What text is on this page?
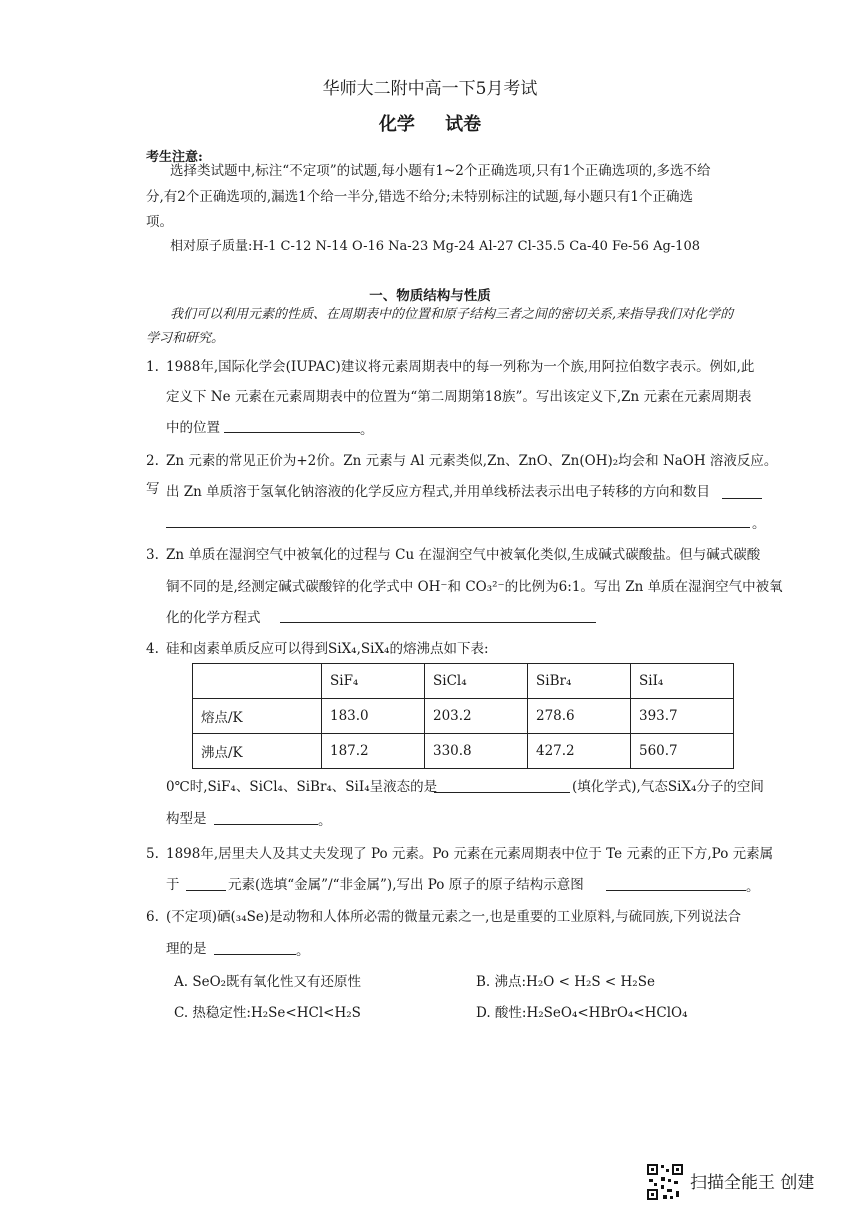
华师大二附中高一下5月考试
化学 试卷
考生注意:
选择类试题中,标注“不定项”的试题,每小题有1~2个正确选项,只有1个正确选项的,多选不给
分,有2个正确选项的,漏选1个给一半分,错选不给分;未特别标注的试题,每小题只有1个正确选
项。
相对原子质量:H-1 C-12 N-14 O-16 Na-23 Mg-24 Al-27 Cl-35.5 Ca-40 Fe-56 Ag-108
一、物质结构与性质
我们可以利用元素的性质、在周期表中的位置和原子结构三者之间的密切关系,来指导我们对化学的
学习和研究。
1. 1988年,国际化学会(IUPAC)建议将元素周期表中的每一列称为一个族,用阿拉伯数字表示。例如,此
定义下 Ne 元素在元素周期表中的位置为“第二周期第18族”。写出该定义下,Zn 元素在元素周期表
中的位置	。
2. Zn 元素的常见正价为+2价。Zn 元素与 Al 元素类似,Zn、ZnO、Zn(OH)₂均会和 NaOH 溶液反应。写 出 Zn 单质溶于氢氧化钠溶液的化学反应方程式,并用单线桥法表示出电子转移的方向和数目
。
3. Zn 单质在湿润空气中被氧化的过程与 Cu 在湿润空气中被氧化类似,生成碱式碳酸盐。但与碱式碳酸
铜不同的是,经测定碱式碳酸锌的化学式中 OH⁻和 CO₃²⁻的比例为6:1。写出 Zn 单质在湿润空气中被氧
化的化学方程式
4. 硅和卤素单质反应可以得到SiX₄,SiX₄的熔沸点如下表:
	SiF₄	SiCl₄	SiBr₄	SiI₄
熔点/K	183.0	203.2	278.6	393.7
沸点/K	187.2	330.8	427.2	560.7
0℃时,SiF₄、SiCl₄、SiBr₄、SiI₄呈液态的是	(填化学式),气态SiX₄分子的空间
构型是	。
5. 1898年,居里夫人及其丈夫发现了 Po 元素。Po 元素在元素周期表中位于 Te 元素的正下方,Po 元素属
于	元素(选填“金属”/“非金属”),写出 Po 原子的原子结构示意图	。
6. (不定项)硒(₃₄Se)是动物和人体所必需的微量元素之一,也是重要的工业原料,与硫同族,下列说法合
理的是	。
A. SeO₂既有氧化性又有还原性	B. 沸点:H₂O < H₂S < H₂Se
C. 热稳定性:H₂Se<HCl<H₂S	D. 酸性:H₂SeO₄<HBrO₄<HClO₄
扫描全能王 创建
